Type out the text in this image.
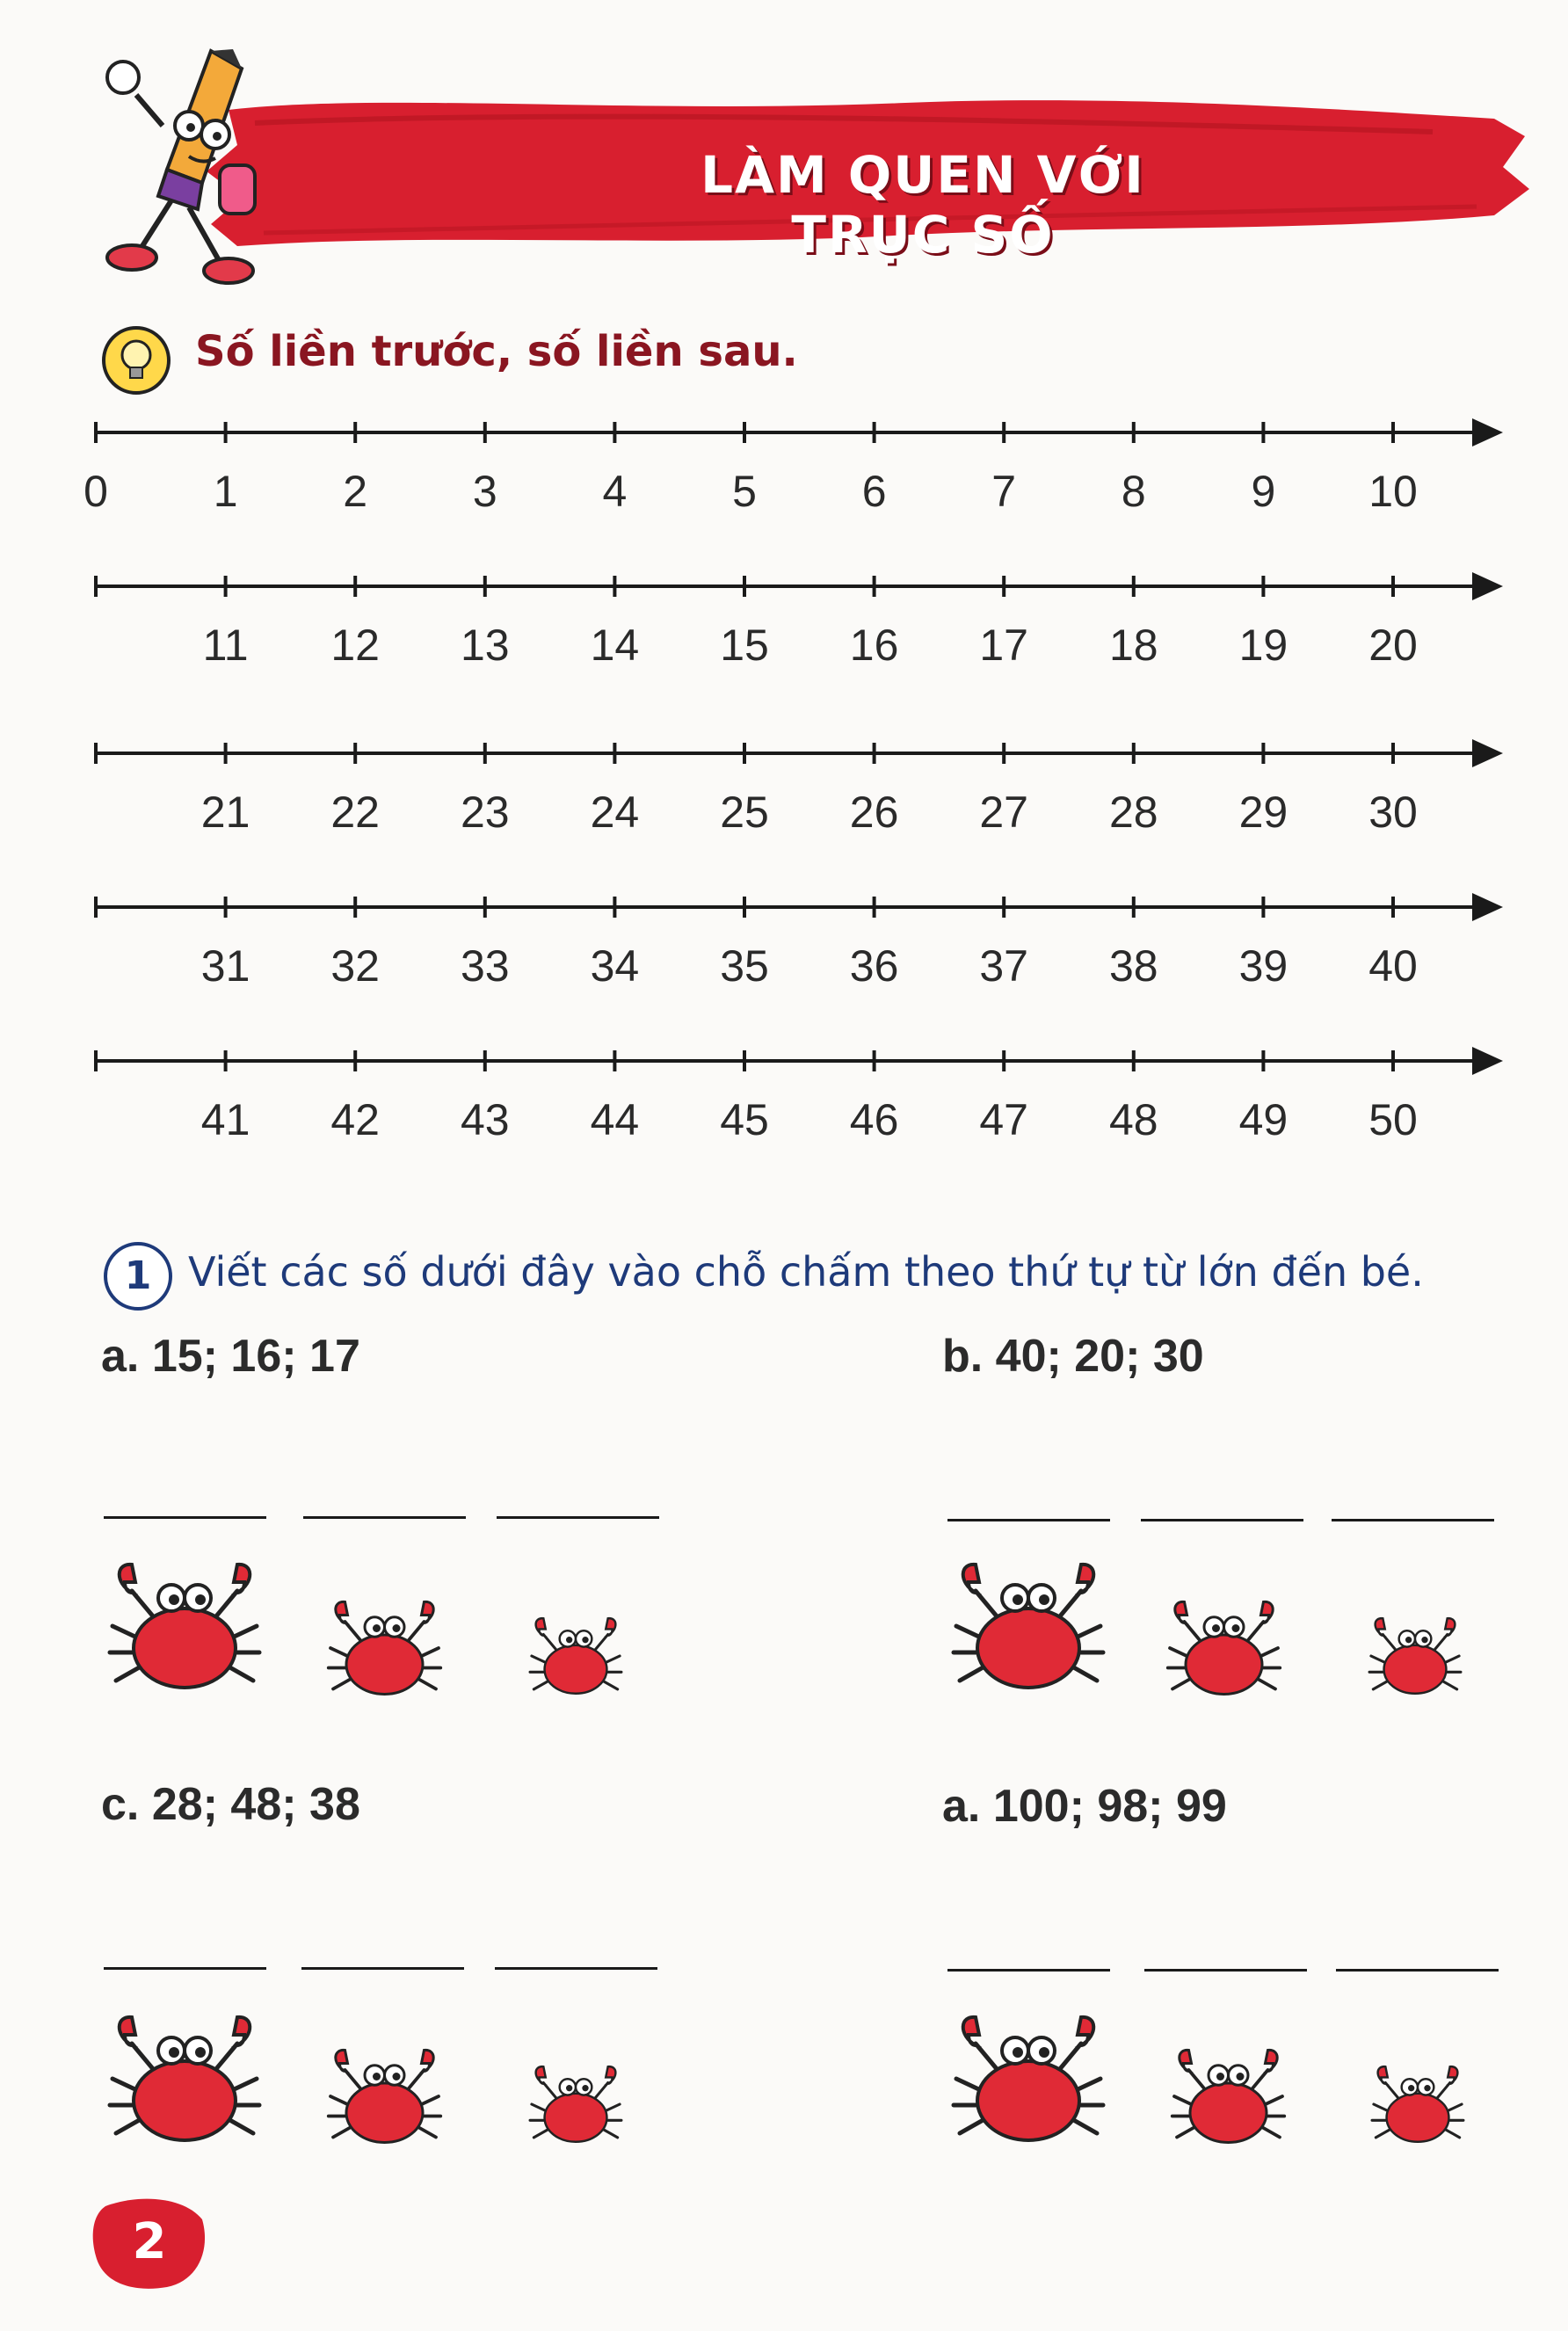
LÀM QUEN VỚI TRỤC SỐ
Số liền trước, số liền sau.
0	1	2	3	4	5	6	7	8	9	10
11	12	13	14	15	16	17	18	19	20
21	22	23	24	25	26	27	28	29	30
31	32	33	34	35	36	37	38	39	40
41	42	43	44	45	46	47	48	49	50
1 Viết các số dưới đây vào chỗ chấm theo thứ tự từ lớn đến bé.
a. 15; 16; 17	b. 40; 20; 30
c. 28; 48; 38	a. 100; 98; 99
2
